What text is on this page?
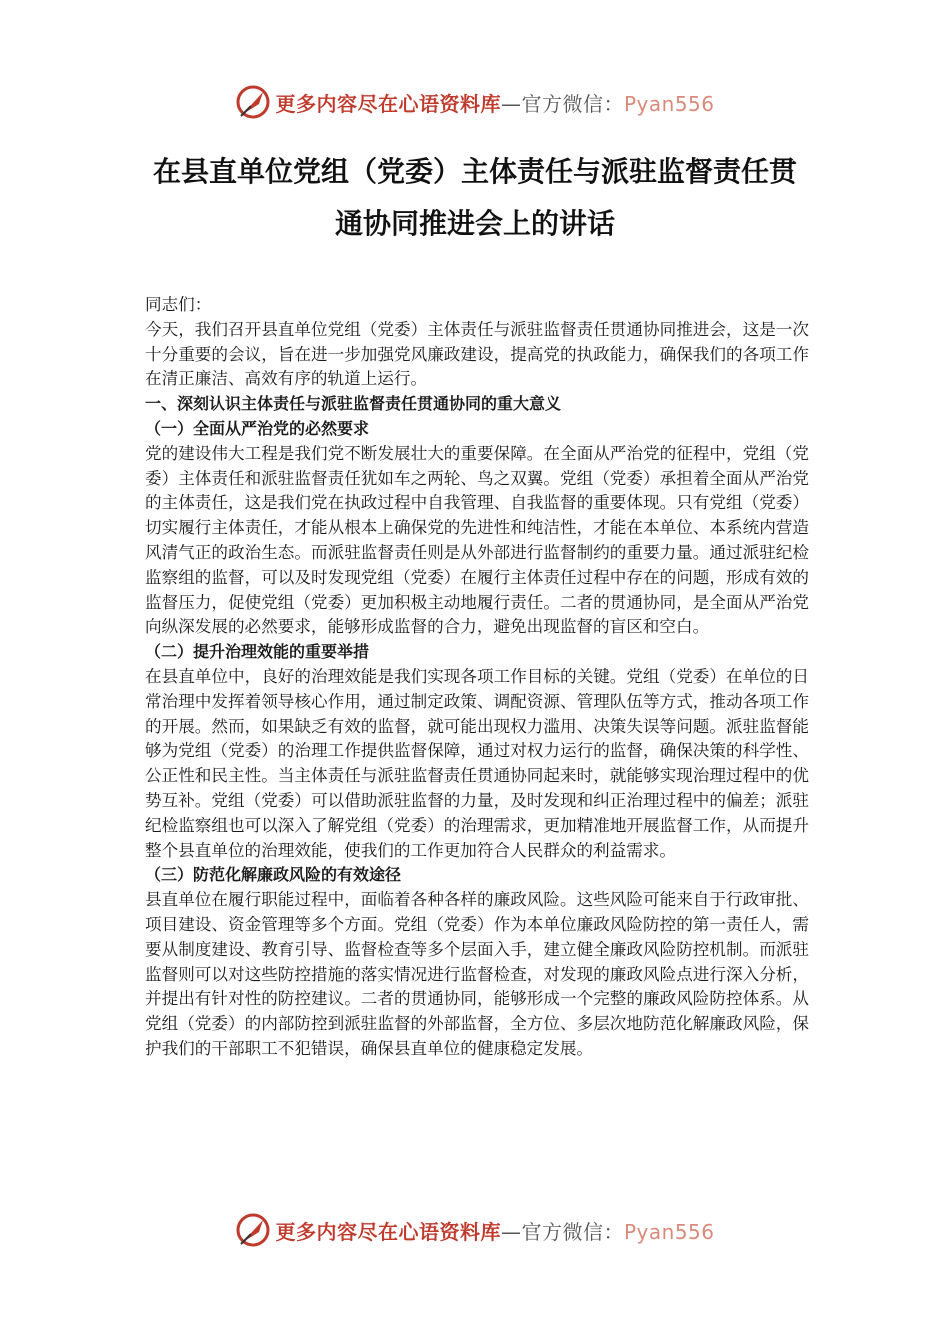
更多内容尽在心语资料库—官方微信：Pyan556
在县直单位党组（党委）主体责任与派驻监督责任贯
通协同推进会上的讲话

同志们：

今天，我们召开县直单位党组（党委）主体责任与派驻监督责任贯通协同推进会，这是一次十分重要的会议，旨在进一步加强党风廉政建设，提高党的执政能力，确保我们的各项工作在清正廉洁、高效有序的轨道上运行。

一、深刻认识主体责任与派驻监督责任贯通协同的重大意义

（一）全面从严治党的必然要求

党的建设伟大工程是我们党不断发展壮大的重要保障。在全面从严治党的征程中，党组（党委）主体责任和派驻监督责任犹如车之两轮、鸟之双翼。党组（党委）承担着全面从严治党的主体责任，这是我们党在执政过程中自我管理、自我监督的重要体现。只有党组（党委）切实履行主体责任，才能从根本上确保党的先进性和纯洁性，才能在本单位、本系统内营造风清气正的政治生态。而派驻监督责任则是从外部进行监督制约的重要力量。通过派驻纪检监察组的监督，可以及时发现党组（党委）在履行主体责任过程中存在的问题，形成有效的监督压力，促使党组（党委）更加积极主动地履行责任。二者的贯通协同，是全面从严治党向纵深发展的必然要求，能够形成监督的合力，避免出现监督的盲区和空白。

（二）提升治理效能的重要举措

在县直单位中，良好的治理效能是我们实现各项工作目标的关键。党组（党委）在单位的日常治理中发挥着领导核心作用，通过制定政策、调配资源、管理队伍等方式，推动各项工作的开展。然而，如果缺乏有效的监督，就可能出现权力滥用、决策失误等问题。派驻监督能够为党组（党委）的治理工作提供监督保障，通过对权力运行的监督，确保决策的科学性、公正性和民主性。当主体责任与派驻监督责任贯通协同起来时，就能够实现治理过程中的优势互补。党组（党委）可以借助派驻监督的力量，及时发现和纠正治理过程中的偏差；派驻纪检监察组也可以深入了解党组（党委）的治理需求，更加精准地开展监督工作，从而提升整个县直单位的治理效能，使我们的工作更加符合人民群众的利益需求。

（三）防范化解廉政风险的有效途径

县直单位在履行职能过程中，面临着各种各样的廉政风险。这些风险可能来自于行政审批、项目建设、资金管理等多个方面。党组（党委）作为本单位廉政风险防控的第一责任人，需要从制度建设、教育引导、监督检查等多个层面入手，建立健全廉政风险防控机制。而派驻监督则可以对这些防控措施的落实情况进行监督检查，对发现的廉政风险点进行深入分析，并提出有针对性的防控建议。二者的贯通协同，能够形成一个完整的廉政风险防控体系。从党组（党委）的内部防控到派驻监督的外部监督，全方位、多层次地防范化解廉政风险，保护我们的干部职工不犯错误，确保县直单位的健康稳定发展。

更多内容尽在心语资料库—官方微信：Pyan556
